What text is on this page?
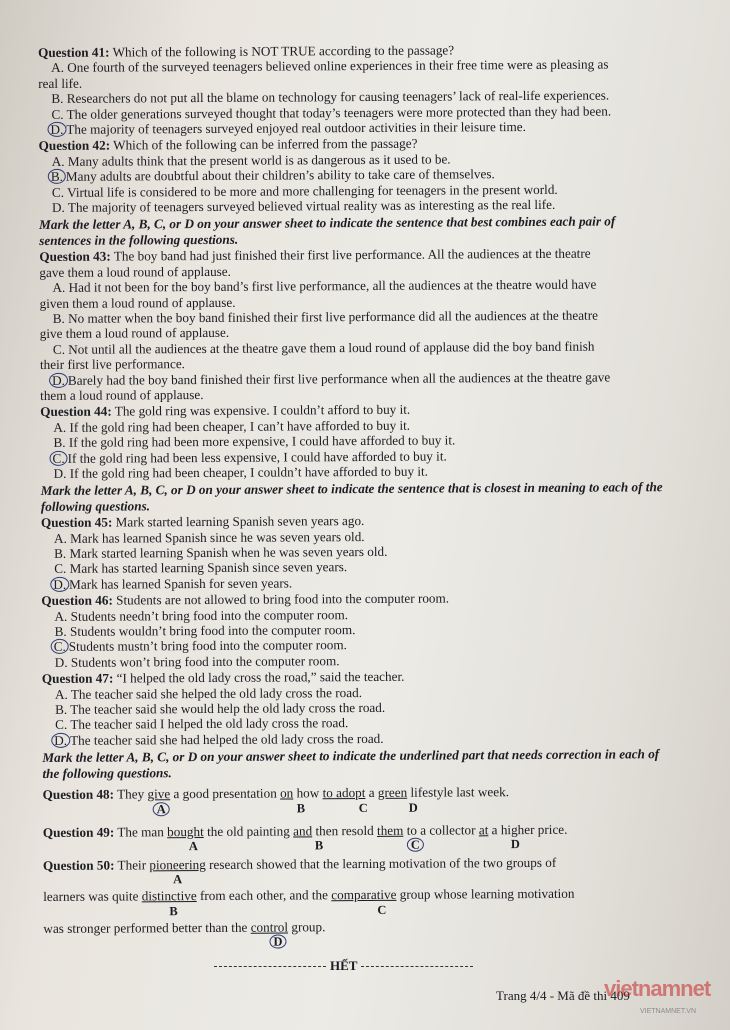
Question 41: Which of the following is NOT TRUE according to the passage?
A. One fourth of the surveyed teenagers believed online experiences in their free time were as pleasing as
real life.
B. Researchers do not put all the blame on technology for causing teenagers’ lack of real-life experiences.
C. The older generations surveyed thought that today’s teenagers were more protected than they had been.
D. The majority of teenagers surveyed enjoyed real outdoor activities in their leisure time.
Question 42: Which of the following can be inferred from the passage?
A. Many adults think that the present world is as dangerous as it used to be.
B. Many adults are doubtful about their children’s ability to take care of themselves.
C. Virtual life is considered to be more and more challenging for teenagers in the present world.
D. The majority of teenagers surveyed believed virtual reality was as interesting as the real life.
Mark the letter A, B, C, or D on your answer sheet to indicate the sentence that best combines each pair of sentences in the following questions.
Question 43: The boy band had just finished their first live performance. All the audiences at the theatre
gave them a loud round of applause.
A. Had it not been for the boy band’s first live performance, all the audiences at the theatre would have
given them a loud round of applause.
B. No matter when the boy band finished their first live performance did all the audiences at the theatre
give them a loud round of applause.
C. Not until all the audiences at the theatre gave them a loud round of applause did the boy band finish
their first live performance.
D. Barely had the boy band finished their first live performance when all the audiences at the theatre gave
them a loud round of applause.
Question 44: The gold ring was expensive. I couldn’t afford to buy it.
A. If the gold ring had been cheaper, I can’t have afforded to buy it.
B. If the gold ring had been more expensive, I could have afforded to buy it.
C. If the gold ring had been less expensive, I could have afforded to buy it.
D. If the gold ring had been cheaper, I couldn’t have afforded to buy it.
Mark the letter A, B, C, or D on your answer sheet to indicate the sentence that is closest in meaning to each of the following questions.
Question 45: Mark started learning Spanish seven years ago.
A. Mark has learned Spanish since he was seven years old.
B. Mark started learning Spanish when he was seven years old.
C. Mark has started learning Spanish since seven years.
D. Mark has learned Spanish for seven years.
Question 46: Students are not allowed to bring food into the computer room.
A. Students needn’t bring food into the computer room.
B. Students wouldn’t bring food into the computer room.
C. Students mustn’t bring food into the computer room.
D. Students won’t bring food into the computer room.
Question 47: “I helped the old lady cross the road,” said the teacher.
A. The teacher said she helped the old lady cross the road.
B. The teacher said she would help the old lady cross the road.
C. The teacher said I helped the old lady cross the road.
D. The teacher said she had helped the old lady cross the road.
Mark the letter A, B, C, or D on your answer sheet to indicate the underlined part that needs correction in each of the following questions.
Question 48: They give a good presentation on how to adopt a green lifestyle last week.
A	B	C	D
Question 49: The man bought the old painting and then resold them to a collector at a higher price.
A	B	C	D
Question 50: Their pioneering research showed that the learning motivation of the two groups of
A
learners was quite distinctive from each other, and the comparative group whose learning motivation
B	C
was stronger performed better than the control group.
D
HẾT
Trang 4/4 - Mã đề thi 409
vietnamnet
VIETNAMNET.VN
